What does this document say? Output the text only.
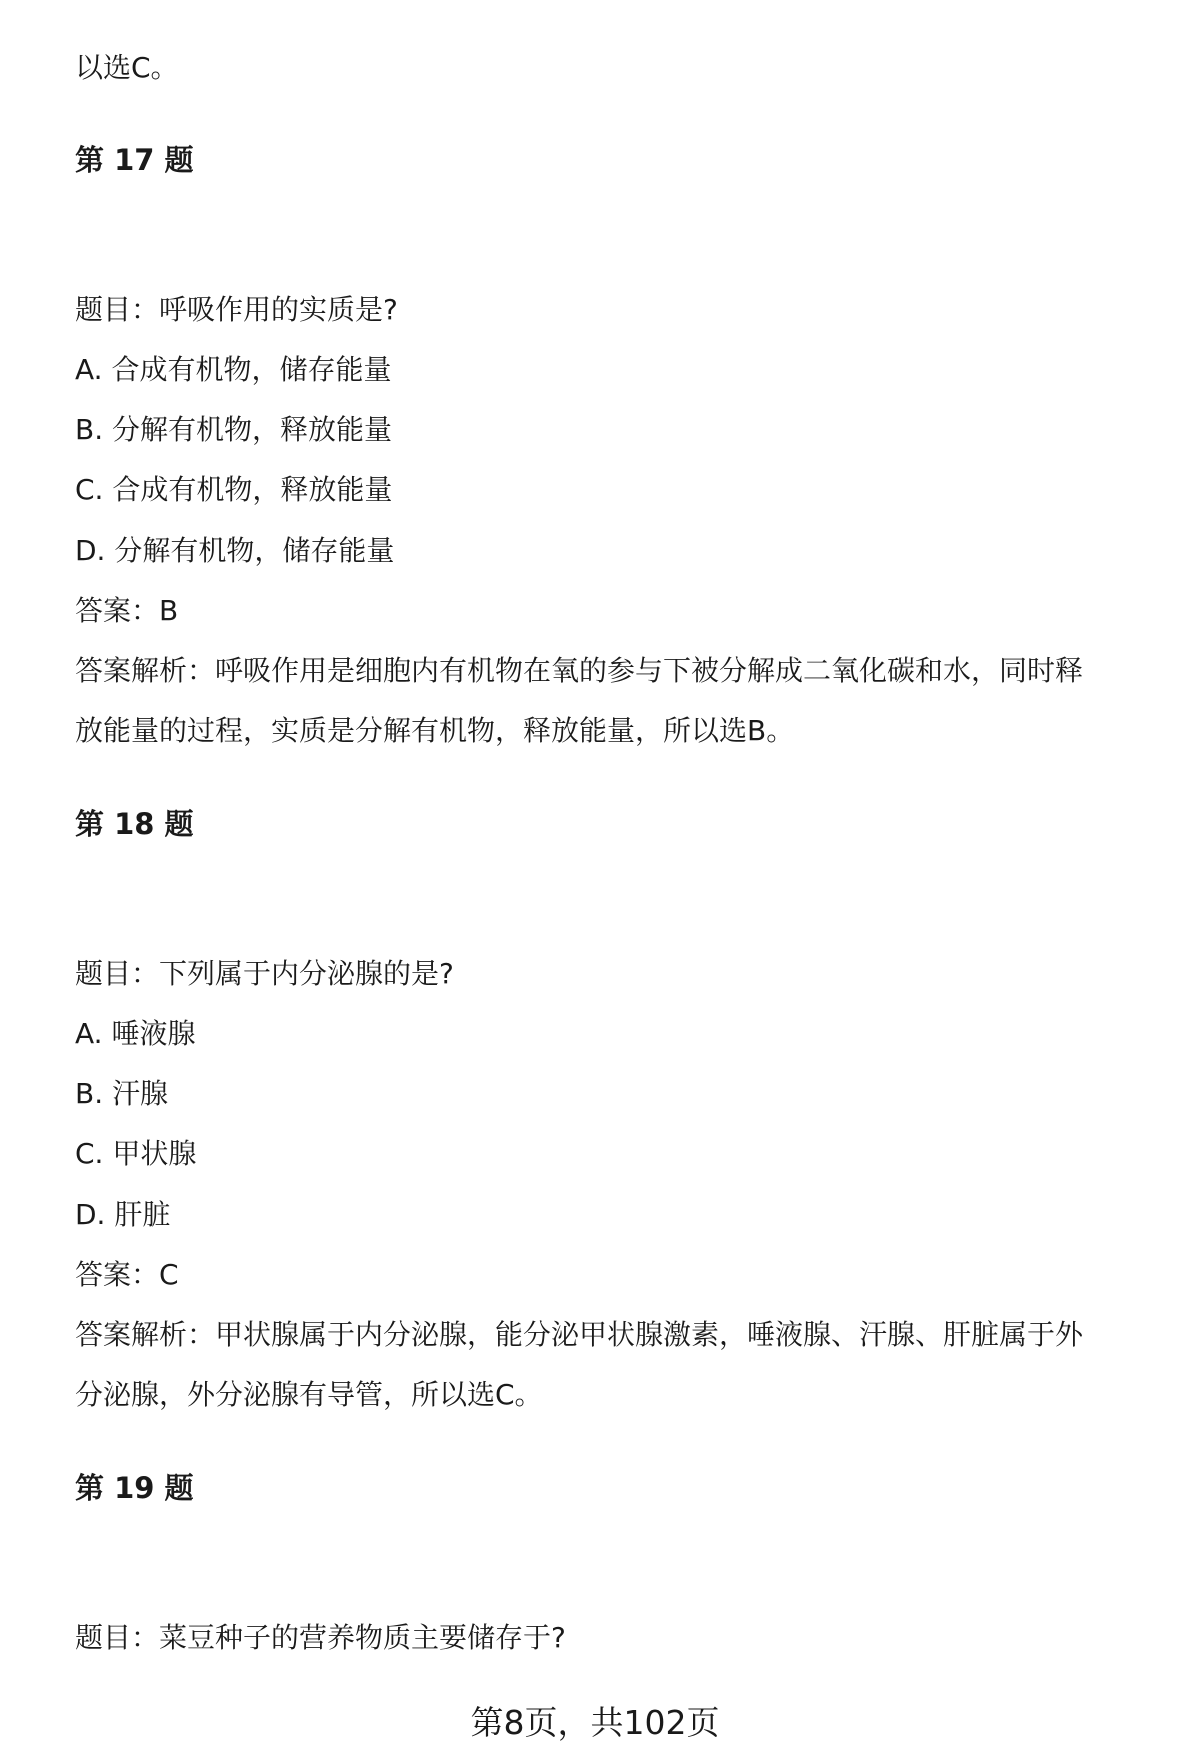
以选C。
第 17 题
题目：呼吸作用的实质是?
A. 合成有机物，储存能量
B. 分解有机物，释放能量
C. 合成有机物，释放能量
D. 分解有机物，储存能量
答案：B
答案解析：呼吸作用是细胞内有机物在氧的参与下被分解成二氧化碳和水，同时释
放能量的过程，实质是分解有机物，释放能量，所以选B。
第 18 题
题目：下列属于内分泌腺的是?
A. 唾液腺
B. 汗腺
C. 甲状腺
D. 肝脏
答案：C
答案解析：甲状腺属于内分泌腺，能分泌甲状腺激素，唾液腺、汗腺、肝脏属于外
分泌腺，外分泌腺有导管，所以选C。
第 19 题
题目：菜豆种子的营养物质主要储存于?
第8页，共102页
